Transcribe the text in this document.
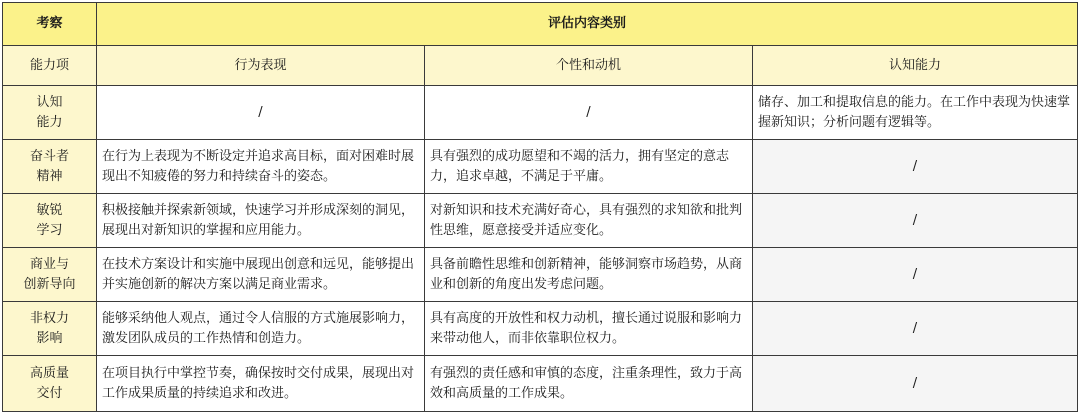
考察	评估内容类别		
能力项	行为表现	个性和动机	认知能力

认知
能力	/	/	储存、加工和提取信息的能力。在工作中表现为快速掌握新知识；分析问题有逻辑等。

奋斗者
精神	在行为上表现为不断设定并追求高目标，面对困难时展现出不知疲倦的努力和持续奋斗的姿态。	具有强烈的成功愿望和不竭的活力，拥有坚定的意志力，追求卓越，不满足于平庸。	/

敏锐
学习	积极接触并探索新领域，快速学习并形成深刻的洞见，展现出对新知识的掌握和应用能力。	对新知识和技术充满好奇心，具有强烈的求知欲和批判性思维，愿意接受并适应变化。	/

商业与
创新导向	在技术方案设计和实施中展现出创意和远见，能够提出并实施创新的解决方案以满足商业需求。	具备前瞻性思维和创新精神，能够洞察市场趋势，从商业和创新的角度出发考虑问题。	/

非权力
影响	能够采纳他人观点，通过令人信服的方式施展影响力，激发团队成员的工作热情和创造力。	具有高度的开放性和权力动机，擅长通过说服和影响力来带动他人，而非依靠职位权力。	/

高质量
交付	在项目执行中掌控节奏，确保按时交付成果，展现出对工作成果质量的持续追求和改进。	有强烈的责任感和审慎的态度，注重条理性，致力于高效和高质量的工作成果。	/
